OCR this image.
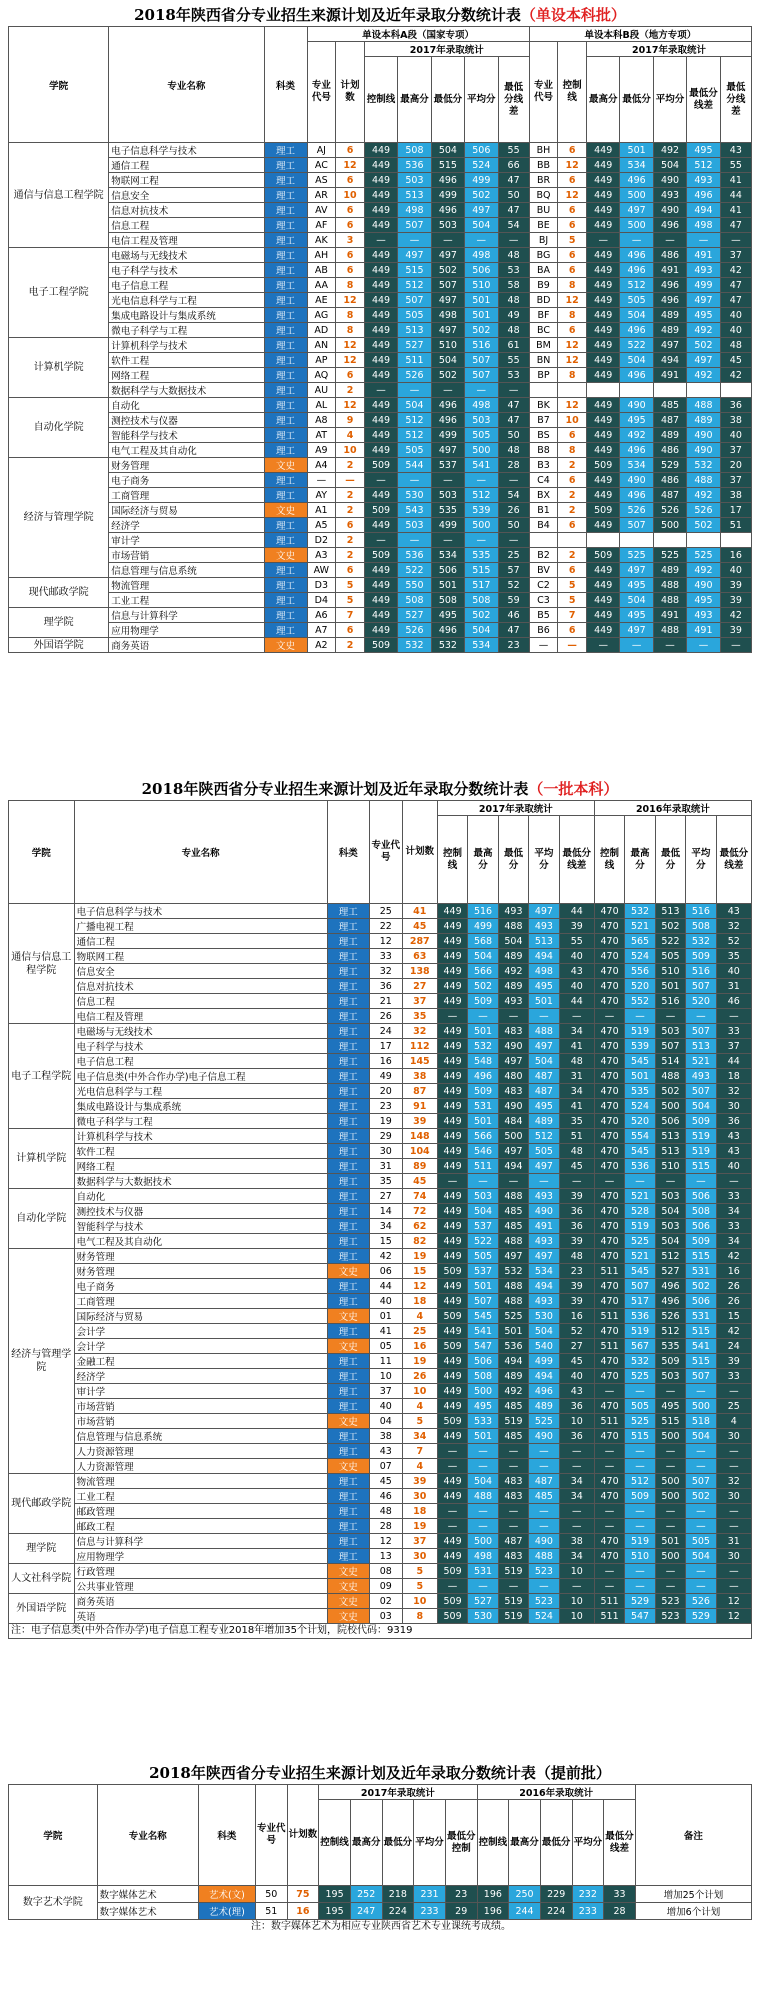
2018年陕西省分专业招生来源计划及近年录取分数统计表（单设本科批）
学院	专业名称	科类	单设本科A段（国家专项）							单设本科B段（地方专项）						
			专业代号	计划数	2017年录取统计					专业代号	控制线	2017年录取统计				
					控制线	最高分	最低分	平均分	最低分线差			最高分	最低分	平均分	最低分线差	最低分线差
通信与信息工程学院	电子信息科学与技术	理工	AJ	6	449	508	504	506	55	BH	6	449	501	492	495	43
	通信工程	理工	AC	12	449	536	515	524	66	BB	12	449	534	504	512	55
	物联网工程	理工	AS	6	449	503	496	499	47	BR	6	449	496	490	493	41
	信息安全	理工	AR	10	449	513	499	502	50	BQ	12	449	500	493	496	44
	信息对抗技术	理工	AV	6	449	498	496	497	47	BU	6	449	497	490	494	41
	信息工程	理工	AF	6	449	507	503	504	54	BE	6	449	500	496	498	47
	电信工程及管理	理工	AK	3	—	—	—	—	—	BJ	5	—	—	—	—	—
电子工程学院	电磁场与无线技术	理工	AH	6	449	497	497	498	48	BG	6	449	496	486	491	37
	电子科学与技术	理工	AB	6	449	515	502	506	53	BA	6	449	496	491	493	42
	电子信息工程	理工	AA	8	449	512	507	510	58	B9	8	449	512	496	499	47
	光电信息科学与工程	理工	AE	12	449	507	497	501	48	BD	12	449	505	496	497	47
	集成电路设计与集成系统	理工	AG	8	449	505	498	501	49	BF	8	449	504	489	495	40
	微电子科学与工程	理工	AD	8	449	513	497	502	48	BC	6	449	496	489	492	40
计算机学院	计算机科学与技术	理工	AN	12	449	527	510	516	61	BM	12	449	522	497	502	48
	软件工程	理工	AP	12	449	511	504	507	55	BN	12	449	504	494	497	45
	网络工程	理工	AQ	6	449	526	502	507	53	BP	8	449	496	491	492	42
	数据科学与大数据技术	理工	AU	2	—	—	—	—	—							
自动化学院	自动化	理工	AL	12	449	504	496	498	47	BK	12	449	490	485	488	36
	测控技术与仪器	理工	A8	9	449	512	496	503	47	B7	10	449	495	487	489	38
	智能科学与技术	理工	AT	4	449	512	499	505	50	BS	6	449	492	489	490	40
	电气工程及其自动化	理工	A9	10	449	505	497	500	48	B8	8	449	496	486	490	37
经济与管理学院	财务管理	文史	A4	2	509	544	537	541	28	B3	2	509	534	529	532	20
	电子商务	理工	—	—	—	—	—	—	—	C4	6	449	490	486	488	37
	工商管理	理工	AY	2	449	530	503	512	54	BX	2	449	496	487	492	38
	国际经济与贸易	文史	A1	2	509	543	535	539	26	B1	2	509	526	526	526	17
	经济学	理工	A5	6	449	503	499	500	50	B4	6	449	507	500	502	51
	审计学	理工	D2	2	—	—	—	—	—							
	市场营销	文史	A3	2	509	536	534	535	25	B2	2	509	525	525	525	16
	信息管理与信息系统	理工	AW	6	449	522	506	515	57	BV	6	449	497	489	492	40
现代邮政学院	物流管理	理工	D3	5	449	550	501	517	52	C2	5	449	495	488	490	39
	工业工程	理工	D4	5	449	508	508	508	59	C3	5	449	504	488	495	39
理学院	信息与计算科学	理工	A6	7	449	527	495	502	46	B5	7	449	495	491	493	42
	应用物理学	理工	A7	6	449	526	496	504	47	B6	6	449	497	488	491	39
外国语学院	商务英语	文史	A2	2	509	532	532	534	23	—	—	—	—	—	—	—
2018年陕西省分专业招生来源计划及近年录取分数统计表（一批本科）
学院	专业名称	科类	专业代号	计划数	2017年录取统计					2016年录取统计				
					控制线	最高分	最低分	平均分	最低分线差	控制线	最高分	最低分	平均分	最低分线差
通信与信息工程学院	电子信息科学与技术	理工	25	41	449	516	493	497	44	470	532	513	516	43
	广播电视工程	理工	22	45	449	499	488	493	39	470	521	502	508	32
	通信工程	理工	12	287	449	568	504	513	55	470	565	522	532	52
	物联网工程	理工	33	63	449	504	489	494	40	470	524	505	509	35
	信息安全	理工	32	138	449	566	492	498	43	470	556	510	516	40
	信息对抗技术	理工	36	27	449	502	489	495	40	470	520	501	507	31
	信息工程	理工	21	37	449	509	493	501	44	470	552	516	520	46
	电信工程及管理	理工	26	35	—	—	—	—	—	—	—	—	—	—
电子工程学院	电磁场与无线技术	理工	24	32	449	501	483	488	34	470	519	503	507	33
	电子科学与技术	理工	17	112	449	532	490	497	41	470	539	507	513	37
	电子信息工程	理工	16	145	449	548	497	504	48	470	545	514	521	44
	电子信息类(中外合作办学)电子信息工程	理工	49	38	449	496	480	487	31	470	501	488	493	18
	光电信息科学与工程	理工	20	87	449	509	483	487	34	470	535	502	507	32
	集成电路设计与集成系统	理工	23	91	449	531	490	495	41	470	524	500	504	30
	微电子科学与工程	理工	19	39	449	501	484	489	35	470	520	506	509	36
计算机学院	计算机科学与技术	理工	29	148	449	566	500	512	51	470	554	513	519	43
	软件工程	理工	30	104	449	546	497	505	48	470	545	513	519	43
	网络工程	理工	31	89	449	511	494	497	45	470	536	510	515	40
	数据科学与大数据技术	理工	35	45	—	—	—	—	—	—	—	—	—	—
自动化学院	自动化	理工	27	74	449	503	488	493	39	470	521	503	506	33
	测控技术与仪器	理工	14	72	449	504	485	490	36	470	528	504	508	34
	智能科学与技术	理工	34	62	449	537	485	491	36	470	519	503	506	33
	电气工程及其自动化	理工	15	82	449	522	488	493	39	470	525	504	509	34
经济与管理学院	财务管理	理工	42	19	449	505	497	497	48	470	521	512	515	42
	财务管理	文史	06	15	509	537	532	534	23	511	545	527	531	16
	电子商务	理工	44	12	449	501	488	494	39	470	507	496	502	26
	工商管理	理工	40	18	449	507	488	493	39	470	517	496	506	26
	国际经济与贸易	文史	01	4	509	545	525	530	16	511	536	526	531	15
	会计学	理工	41	25	449	541	501	504	52	470	519	512	515	42
	会计学	文史	05	16	509	547	536	540	27	511	567	535	541	24
	金融工程	理工	11	19	449	506	494	499	45	470	532	509	515	39
	经济学	理工	10	26	449	508	489	494	40	470	525	503	507	33
	审计学	理工	37	10	449	500	492	496	43	—	—	—	—	—
	市场营销	理工	40	4	449	495	485	489	36	470	505	495	500	25
	市场营销	文史	04	5	509	533	519	525	10	511	525	515	518	4
	信息管理与信息系统	理工	38	34	449	501	485	490	36	470	515	500	504	30
	人力资源管理	理工	43	7	—	—	—	—	—	—	—	—	—	—
	人力资源管理	文史	07	4	—	—	—	—	—	—	—	—	—	—
现代邮政学院	物流管理	理工	45	39	449	504	483	487	34	470	512	500	507	32
	工业工程	理工	46	30	449	488	483	485	34	470	509	500	502	30
	邮政管理	理工	48	18	—	—	—	—	—	—	—	—	—	—
	邮政工程	理工	28	19	—	—	—	—	—	—	—	—	—	—
理学院	信息与计算科学	理工	12	37	449	500	487	490	38	470	519	501	505	31
	应用物理学	理工	13	30	449	498	483	488	34	470	510	500	504	30
人文社科学院	行政管理	文史	08	5	509	531	519	523	10	—	—	—	—	—
	公共事业管理	文史	09	5	—	—	—	—	—	—	—	—	—	—
外国语学院	商务英语	文史	02	10	509	527	519	523	10	511	529	523	526	12
	英语	文史	03	8	509	530	519	524	10	511	547	523	529	12
注：电子信息类(中外合作办学)电子信息工程专业2018年增加35个计划，院校代码：9319
2018年陕西省分专业招生来源计划及近年录取分数统计表（提前批）
学院	专业名称	科类	专业代号	计划数	2017年录取统计					2016年录取统计					备注
					控制线	最高分	最低分	平均分	最低分控制	控制线	最高分	最低分	平均分	最低分线差	
数字艺术学院	数字媒体艺术	艺术(文)	50	75	195	252	218	231	23	196	250	229	232	33	增加25个计划
	数字媒体艺术	艺术(理)	51	16	195	247	224	233	29	196	244	224	233	28	增加6个计划
注：数字媒体艺术为相应专业陕西省艺术专业课统考成绩。
